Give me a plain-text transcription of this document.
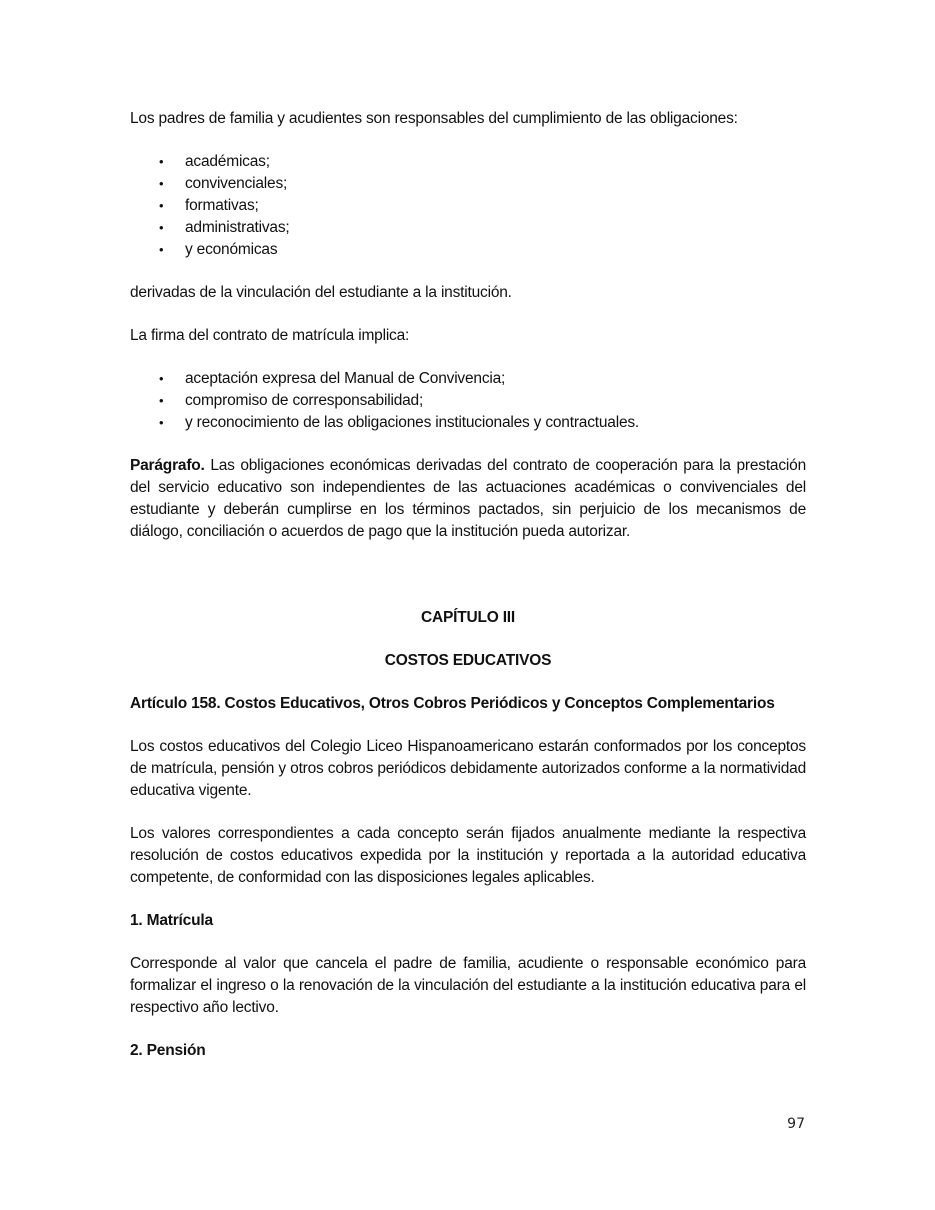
Los padres de familia y acudientes son responsables del cumplimiento de las obligaciones:

• académicas;
• convivenciales;
• formativas;
• administrativas;
• y económicas

derivadas de la vinculación del estudiante a la institución.

La firma del contrato de matrícula implica:

• aceptación expresa del Manual de Convivencia;
• compromiso de corresponsabilidad;
• y reconocimiento de las obligaciones institucionales y contractuales.

Parágrafo. Las obligaciones económicas derivadas del contrato de cooperación para la prestación del servicio educativo son independientes de las actuaciones académicas o convivenciales del estudiante y deberán cumplirse en los términos pactados, sin perjuicio de los mecanismos de diálogo, conciliación o acuerdos de pago que la institución pueda autorizar.

CAPÍTULO III

COSTOS EDUCATIVOS

Artículo 158. Costos Educativos, Otros Cobros Periódicos y Conceptos Complementarios

Los costos educativos del Colegio Liceo Hispanoamericano estarán conformados por los conceptos de matrícula, pensión y otros cobros periódicos debidamente autorizados conforme a la normatividad educativa vigente.

Los valores correspondientes a cada concepto serán fijados anualmente mediante la respectiva resolución de costos educativos expedida por la institución y reportada a la autoridad educativa competente, de conformidad con las disposiciones legales aplicables.

1. Matrícula

Corresponde al valor que cancela el padre de familia, acudiente o responsable económico para formalizar el ingreso o la renovación de la vinculación del estudiante a la institución educativa para el respectivo año lectivo.

2. Pensión

97
